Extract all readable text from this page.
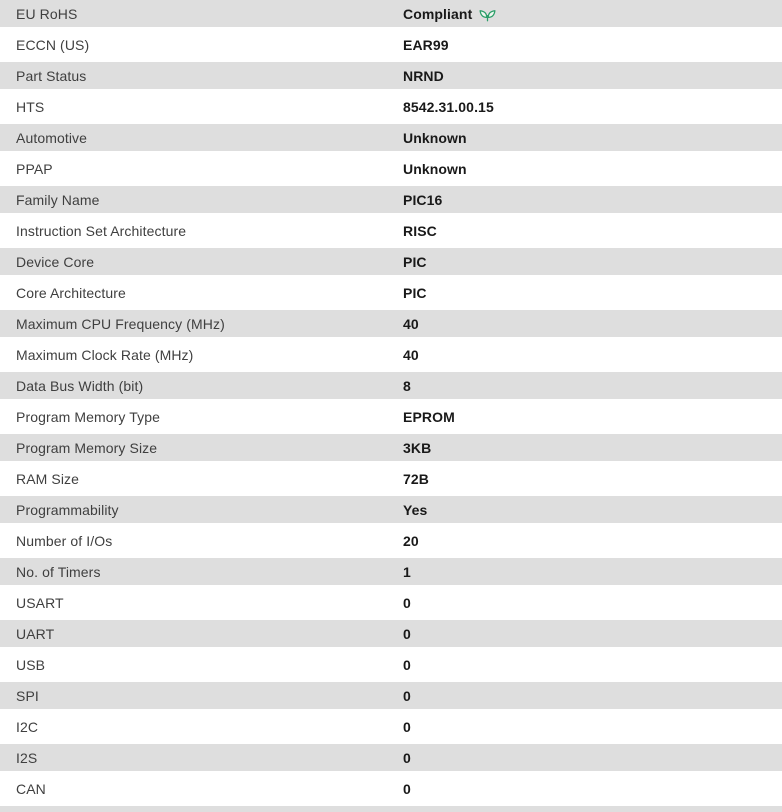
EU RoHS	Compliant
ECCN (US)	EAR99
Part Status	NRND
HTS	8542.31.00.15
Automotive	Unknown
PPAP	Unknown
Family Name	PIC16
Instruction Set Architecture	RISC
Device Core	PIC
Core Architecture	PIC
Maximum CPU Frequency (MHz)	40
Maximum Clock Rate (MHz)	40
Data Bus Width (bit)	8
Program Memory Type	EPROM
Program Memory Size	3KB
RAM Size	72B
Programmability	Yes
Number of I/Os	20
No. of Timers	1
USART	0
UART	0
USB	0
SPI	0
I2C	0
I2S	0
CAN	0
